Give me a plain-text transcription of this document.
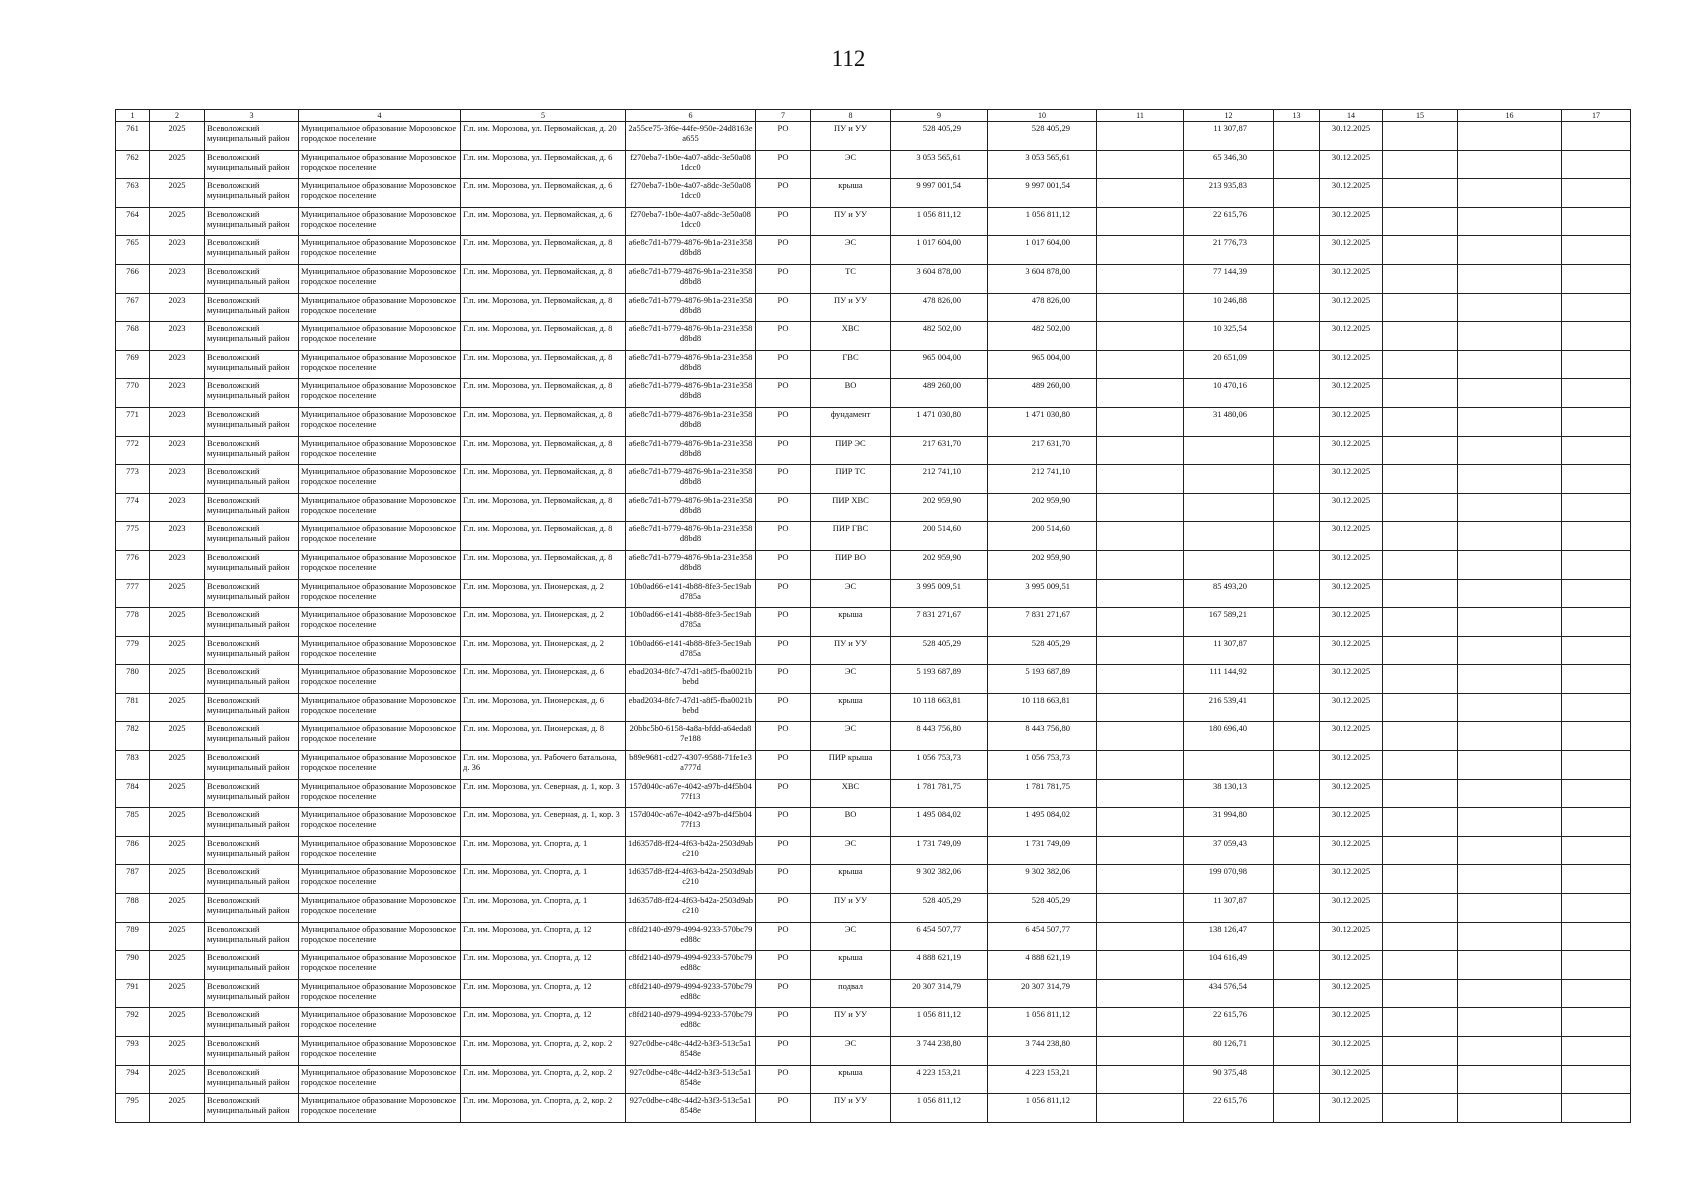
112
1	2	3	4	5	6	7	8	9	10	11	12	13	14	15	16	17
761	2025	Всеволожский муниципальный район	Муниципальное образование Морозовское городское поселение	Г.п. им. Морозова, ул. Первомайская, д. 20	2a55ce75-3f6e-44fe-950e-24d8163ea655	РО	ПУ и УУ	528 405,29	528 405,29		11 307,87		30.12.2025			
762	2025	Всеволожский муниципальный район	Муниципальное образование Морозовское городское поселение	Г.п. им. Морозова, ул. Первомайская, д. 6	f270eba7-1b0e-4a07-a8dc-3e50a081dcc0	РО	ЭС	3 053 565,61	3 053 565,61		65 346,30		30.12.2025			
763	2025	Всеволожский муниципальный район	Муниципальное образование Морозовское городское поселение	Г.п. им. Морозова, ул. Первомайская, д. 6	f270eba7-1b0e-4a07-a8dc-3e50a081dcc0	РО	крыша	9 997 001,54	9 997 001,54		213 935,83		30.12.2025			
764	2025	Всеволожский муниципальный район	Муниципальное образование Морозовское городское поселение	Г.п. им. Морозова, ул. Первомайская, д. 6	f270eba7-1b0e-4a07-a8dc-3e50a081dcc0	РО	ПУ и УУ	1 056 811,12	1 056 811,12		22 615,76		30.12.2025			
765	2023	Всеволожский муниципальный район	Муниципальное образование Морозовское городское поселение	Г.п. им. Морозова, ул. Первомайская, д. 8	a6e8c7d1-b779-4876-9b1a-231e358d8bd8	РО	ЭС	1 017 604,00	1 017 604,00		21 776,73		30.12.2025			
766	2023	Всеволожский муниципальный район	Муниципальное образование Морозовское городское поселение	Г.п. им. Морозова, ул. Первомайская, д. 8	a6e8c7d1-b779-4876-9b1a-231e358d8bd8	РО	ТС	3 604 878,00	3 604 878,00		77 144,39		30.12.2025			
767	2023	Всеволожский муниципальный район	Муниципальное образование Морозовское городское поселение	Г.п. им. Морозова, ул. Первомайская, д. 8	a6e8c7d1-b779-4876-9b1a-231e358d8bd8	РО	ПУ и УУ	478 826,00	478 826,00		10 246,88		30.12.2025			
768	2023	Всеволожский муниципальный район	Муниципальное образование Морозовское городское поселение	Г.п. им. Морозова, ул. Первомайская, д. 8	a6e8c7d1-b779-4876-9b1a-231e358d8bd8	РО	ХВС	482 502,00	482 502,00		10 325,54		30.12.2025			
769	2023	Всеволожский муниципальный район	Муниципальное образование Морозовское городское поселение	Г.п. им. Морозова, ул. Первомайская, д. 8	a6e8c7d1-b779-4876-9b1a-231e358d8bd8	РО	ГВС	965 004,00	965 004,00		20 651,09		30.12.2025			
770	2023	Всеволожский муниципальный район	Муниципальное образование Морозовское городское поселение	Г.п. им. Морозова, ул. Первомайская, д. 8	a6e8c7d1-b779-4876-9b1a-231e358d8bd8	РО	ВО	489 260,00	489 260,00		10 470,16		30.12.2025			
771	2023	Всеволожский муниципальный район	Муниципальное образование Морозовское городское поселение	Г.п. им. Морозова, ул. Первомайская, д. 8	a6e8c7d1-b779-4876-9b1a-231e358d8bd8	РО	фундамент	1 471 030,80	1 471 030,80		31 480,06		30.12.2025			
772	2023	Всеволожский муниципальный район	Муниципальное образование Морозовское городское поселение	Г.п. им. Морозова, ул. Первомайская, д. 8	a6e8c7d1-b779-4876-9b1a-231e358d8bd8	РО	ПИР ЭС	217 631,70	217 631,70				30.12.2025			
773	2023	Всеволожский муниципальный район	Муниципальное образование Морозовское городское поселение	Г.п. им. Морозова, ул. Первомайская, д. 8	a6e8c7d1-b779-4876-9b1a-231e358d8bd8	РО	ПИР ТС	212 741,10	212 741,10				30.12.2025			
774	2023	Всеволожский муниципальный район	Муниципальное образование Морозовское городское поселение	Г.п. им. Морозова, ул. Первомайская, д. 8	a6e8c7d1-b779-4876-9b1a-231e358d8bd8	РО	ПИР ХВС	202 959,90	202 959,90				30.12.2025			
775	2023	Всеволожский муниципальный район	Муниципальное образование Морозовское городское поселение	Г.п. им. Морозова, ул. Первомайская, д. 8	a6e8c7d1-b779-4876-9b1a-231e358d8bd8	РО	ПИР ГВС	200 514,60	200 514,60				30.12.2025			
776	2023	Всеволожский муниципальный район	Муниципальное образование Морозовское городское поселение	Г.п. им. Морозова, ул. Первомайская, д. 8	a6e8c7d1-b779-4876-9b1a-231e358d8bd8	РО	ПИР ВО	202 959,90	202 959,90				30.12.2025			
777	2025	Всеволожский муниципальный район	Муниципальное образование Морозовское городское поселение	Г.п. им. Морозова, ул. Пионерская, д. 2	10b0ad66-e141-4b88-8fe3-5ec19abd785a	РО	ЭС	3 995 009,51	3 995 009,51		85 493,20		30.12.2025			
778	2025	Всеволожский муниципальный район	Муниципальное образование Морозовское городское поселение	Г.п. им. Морозова, ул. Пионерская, д. 2	10b0ad66-e141-4b88-8fe3-5ec19abd785a	РО	крыша	7 831 271,67	7 831 271,67		167 589,21		30.12.2025			
779	2025	Всеволожский муниципальный район	Муниципальное образование Морозовское городское поселение	Г.п. им. Морозова, ул. Пионерская, д. 2	10b0ad66-e141-4b88-8fe3-5ec19abd785a	РО	ПУ и УУ	528 405,29	528 405,29		11 307,87		30.12.2025			
780	2025	Всеволожский муниципальный район	Муниципальное образование Морозовское городское поселение	Г.п. им. Морозова, ул. Пионерская, д. 6	ebad2034-8fc7-47d1-a8f5-fba0021bbebd	РО	ЭС	5 193 687,89	5 193 687,89		111 144,92		30.12.2025			
781	2025	Всеволожский муниципальный район	Муниципальное образование Морозовское городское поселение	Г.п. им. Морозова, ул. Пионерская, д. 6	ebad2034-8fc7-47d1-a8f5-fba0021bbebd	РО	крыша	10 118 663,81	10 118 663,81		216 539,41		30.12.2025			
782	2025	Всеволожский муниципальный район	Муниципальное образование Морозовское городское поселение	Г.п. им. Морозова, ул. Пионерская, д. 8	20bbc5b0-6158-4a8a-bfdd-a64eda87e188	РО	ЭС	8 443 756,80	8 443 756,80		180 696,40		30.12.2025			
783	2025	Всеволожский муниципальный район	Муниципальное образование Морозовское городское поселение	Г.п. им. Морозова, ул. Рабочего батальона, д. 36	b89e9681-cd27-4307-9588-71fe1e3a777d	РО	ПИР крыша	1 056 753,73	1 056 753,73				30.12.2025			
784	2025	Всеволожский муниципальный район	Муниципальное образование Морозовское городское поселение	Г.п. им. Морозова, ул. Северная, д. 1, кор. 3	157d040c-a67e-4042-a97b-d4f5b0477f13	РО	ХВС	1 781 781,75	1 781 781,75		38 130,13		30.12.2025			
785	2025	Всеволожский муниципальный район	Муниципальное образование Морозовское городское поселение	Г.п. им. Морозова, ул. Северная, д. 1, кор. 3	157d040c-a67e-4042-a97b-d4f5b0477f13	РО	ВО	1 495 084,02	1 495 084,02		31 994,80		30.12.2025			
786	2025	Всеволожский муниципальный район	Муниципальное образование Морозовское городское поселение	Г.п. им. Морозова, ул. Спорта, д. 1	1d6357d8-ff24-4f63-b42a-2503d9abc210	РО	ЭС	1 731 749,09	1 731 749,09		37 059,43		30.12.2025			
787	2025	Всеволожский муниципальный район	Муниципальное образование Морозовское городское поселение	Г.п. им. Морозова, ул. Спорта, д. 1	1d6357d8-ff24-4f63-b42a-2503d9abc210	РО	крыша	9 302 382,06	9 302 382,06		199 070,98		30.12.2025			
788	2025	Всеволожский муниципальный район	Муниципальное образование Морозовское городское поселение	Г.п. им. Морозова, ул. Спорта, д. 1	1d6357d8-ff24-4f63-b42a-2503d9abc210	РО	ПУ и УУ	528 405,29	528 405,29		11 307,87		30.12.2025			
789	2025	Всеволожский муниципальный район	Муниципальное образование Морозовское городское поселение	Г.п. им. Морозова, ул. Спорта, д. 12	c8fd2140-d979-4994-9233-570bc79ed88c	РО	ЭС	6 454 507,77	6 454 507,77		138 126,47		30.12.2025			
790	2025	Всеволожский муниципальный район	Муниципальное образование Морозовское городское поселение	Г.п. им. Морозова, ул. Спорта, д. 12	c8fd2140-d979-4994-9233-570bc79ed88c	РО	крыша	4 888 621,19	4 888 621,19		104 616,49		30.12.2025			
791	2025	Всеволожский муниципальный район	Муниципальное образование Морозовское городское поселение	Г.п. им. Морозова, ул. Спорта, д. 12	c8fd2140-d979-4994-9233-570bc79ed88c	РО	подвал	20 307 314,79	20 307 314,79		434 576,54		30.12.2025			
792	2025	Всеволожский муниципальный район	Муниципальное образование Морозовское городское поселение	Г.п. им. Морозова, ул. Спорта, д. 12	c8fd2140-d979-4994-9233-570bc79ed88c	РО	ПУ и УУ	1 056 811,12	1 056 811,12		22 615,76		30.12.2025			
793	2025	Всеволожский муниципальный район	Муниципальное образование Морозовское городское поселение	Г.п. им. Морозова, ул. Спорта, д. 2, кор. 2	927c0dbe-c48c-44d2-b3f3-513c5a18548e	РО	ЭС	3 744 238,80	3 744 238,80		80 126,71		30.12.2025			
794	2025	Всеволожский муниципальный район	Муниципальное образование Морозовское городское поселение	Г.п. им. Морозова, ул. Спорта, д. 2, кор. 2	927c0dbe-c48c-44d2-b3f3-513c5a18548e	РО	крыша	4 223 153,21	4 223 153,21		90 375,48		30.12.2025			
795	2025	Всеволожский муниципальный район	Муниципальное образование Морозовское городское поселение	Г.п. им. Морозова, ул. Спорта, д. 2, кор. 2	927c0dbe-c48c-44d2-b3f3-513c5a18548e	РО	ПУ и УУ	1 056 811,12	1 056 811,12		22 615,76		30.12.2025			
